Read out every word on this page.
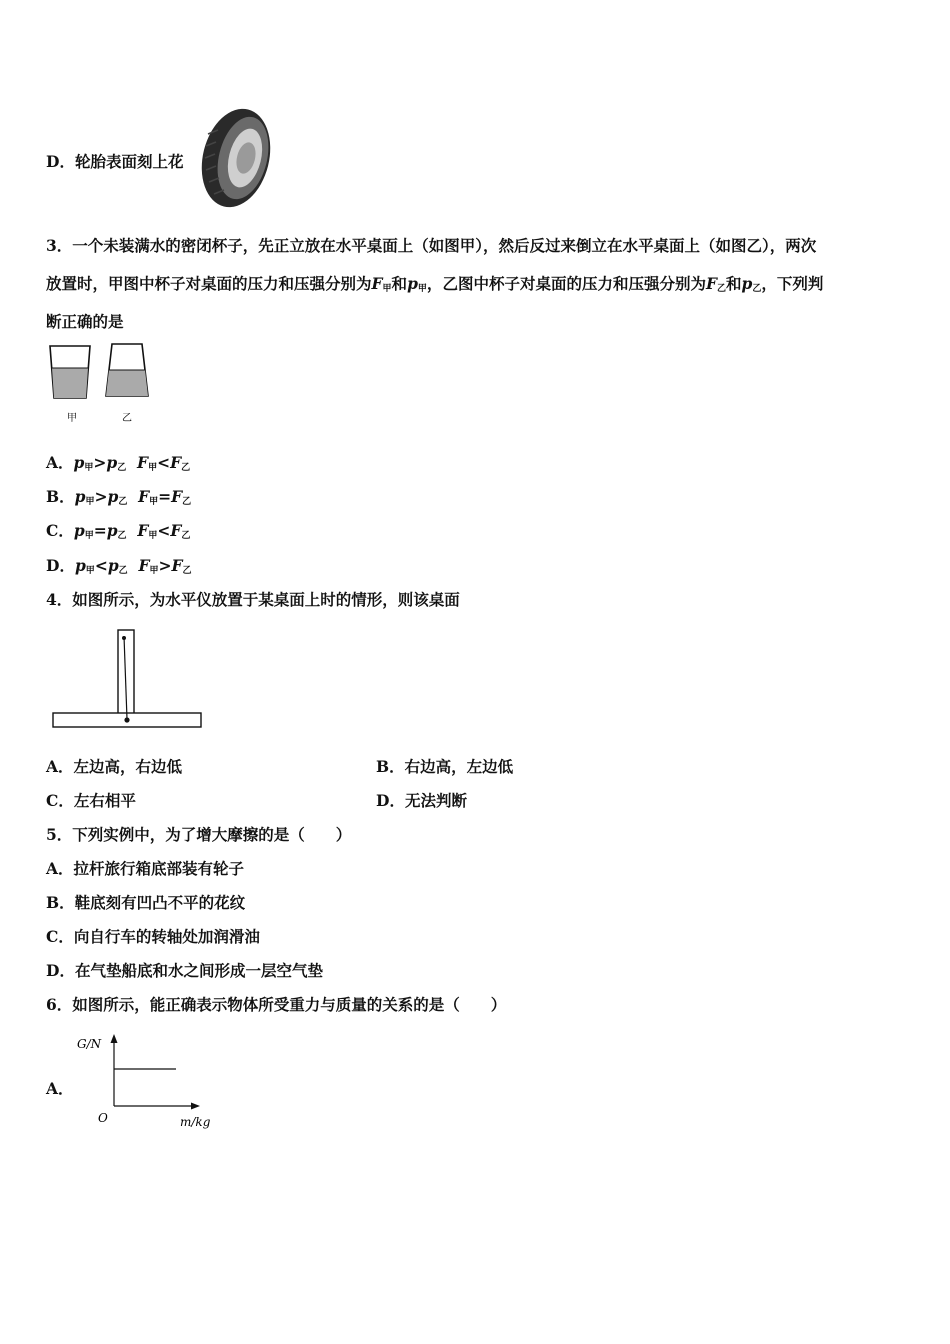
D．轮胎表面刻上花
3．一个未装满水的密闭杯子，先正立放在水平桌面上（如图甲），然后反过来倒立在水平桌面上（如图乙），两次
放置时，甲图中杯子对桌面的压力和压强分别为$F_甲$和$p_甲$，乙图中杯子对桌面的压力和压强分别为$F_乙$和$p_乙$，下列判
断正确的是
甲	乙
A．$p_甲>p_乙$ $F_甲<F_乙$
B．$p_甲>p_乙$ $F_甲=F_乙$
C．$p_甲=p_乙$ $F_甲<F_乙$
D．$p_甲<p_乙$ $F_甲>F_乙$
4．如图所示，为水平仪放置于某桌面上时的情形，则该桌面
A．左边高，右边低	B．右边高，左边低
C．左右相平	D．无法判断
5．下列实例中，为了增大摩擦的是（　　）
A．拉杆旅行箱底部装有轮子
B．鞋底刻有凹凸不平的花纹
C．向自行车的转轴处加润滑油
D．在气垫船底和水之间形成一层空气垫
6．如图所示，能正确表示物体所受重力与质量的关系的是（　　）
A．
G/N
O	m/kg
